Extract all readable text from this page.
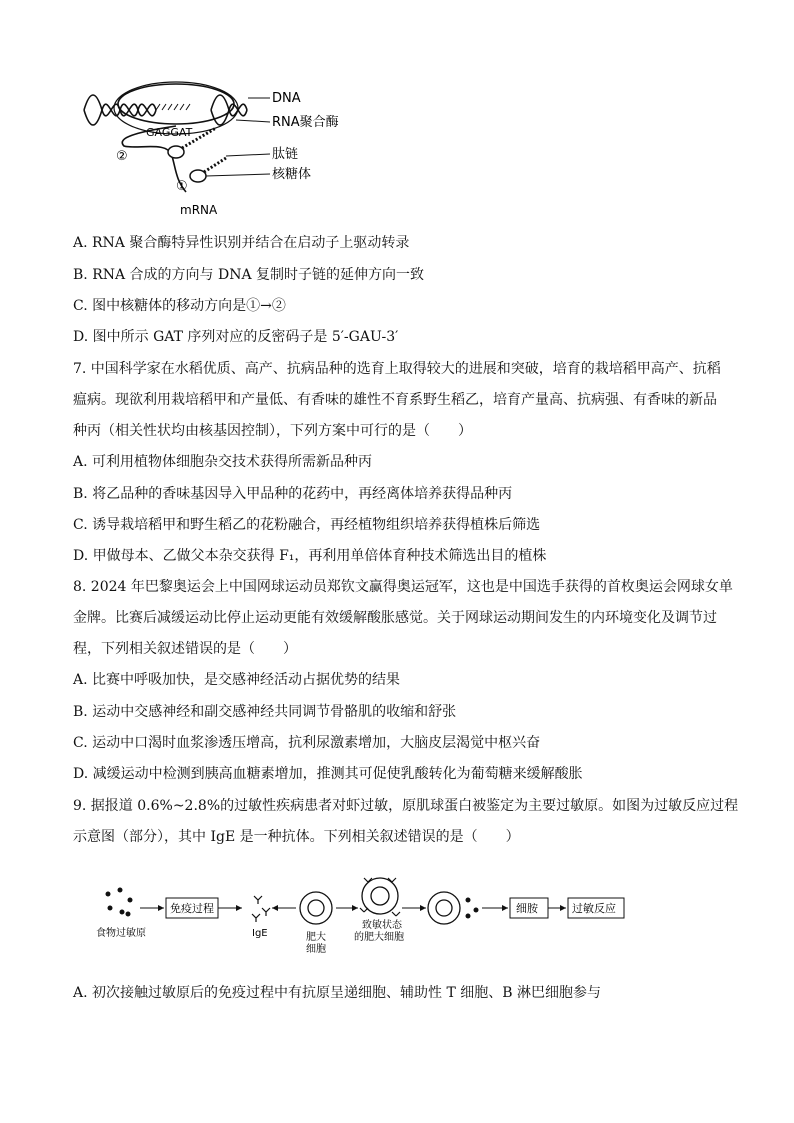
GAGGAT
DNA
RNA聚合酶
肽链
核糖体
②
①
mRNA
A. RNA 聚合酶特异性识别并结合在启动子上驱动转录
B. RNA 合成的方向与 DNA 复制时子链的延伸方向一致
C. 图中核糖体的移动方向是①→②
D. 图中所示 GAT 序列对应的反密码子是 5′-GAU-3′
7. 中国科学家在水稻优质、高产、抗病品种的选育上取得较大的进展和突破，培育的栽培稻甲高产、抗稻
瘟病。现欲利用栽培稻甲和产量低、有香味的雄性不育系野生稻乙，培育产量高、抗病强、有香味的新品
种丙（相关性状均由核基因控制），下列方案中可行的是（　　）
A. 可利用植物体细胞杂交技术获得所需新品种丙
B. 将乙品种的香味基因导入甲品种的花药中，再经离体培养获得品种丙
C. 诱导栽培稻甲和野生稻乙的花粉融合，再经植物组织培养获得植株后筛选
D. 甲做母本、乙做父本杂交获得 F₁，再利用单倍体育种技术筛选出目的植株
8. 2024 年巴黎奥运会上中国网球运动员郑钦文赢得奥运冠军，这也是中国选手获得的首枚奥运会网球女单
金牌。比赛后减缓运动比停止运动更能有效缓解酸胀感觉。关于网球运动期间发生的内环境变化及调节过
程，下列相关叙述错误的是（　　）
A. 比赛中呼吸加快，是交感神经活动占据优势的结果
B. 运动中交感神经和副交感神经共同调节骨骼肌的收缩和舒张
C. 运动中口渴时血浆渗透压增高，抗利尿激素增加，大脑皮层渴觉中枢兴奋
D. 减缓运动中检测到胰高血糖素增加，推测其可促使乳酸转化为葡萄糖来缓解酸胀
9. 据报道 0.6%~2.8%的过敏性疾病患者对虾过敏，原肌球蛋白被鉴定为主要过敏原。如图为过敏反应过程
示意图（部分），其中 IgE 是一种抗体。下列相关叙述错误的是（　　）
食物过敏原
免疫过程
IgE	肥大
细胞
致敏状态
的肥大细胞
细胺	过敏反应
A. 初次接触过敏原后的免疫过程中有抗原呈递细胞、辅助性 T 细胞、B 淋巴细胞参与
